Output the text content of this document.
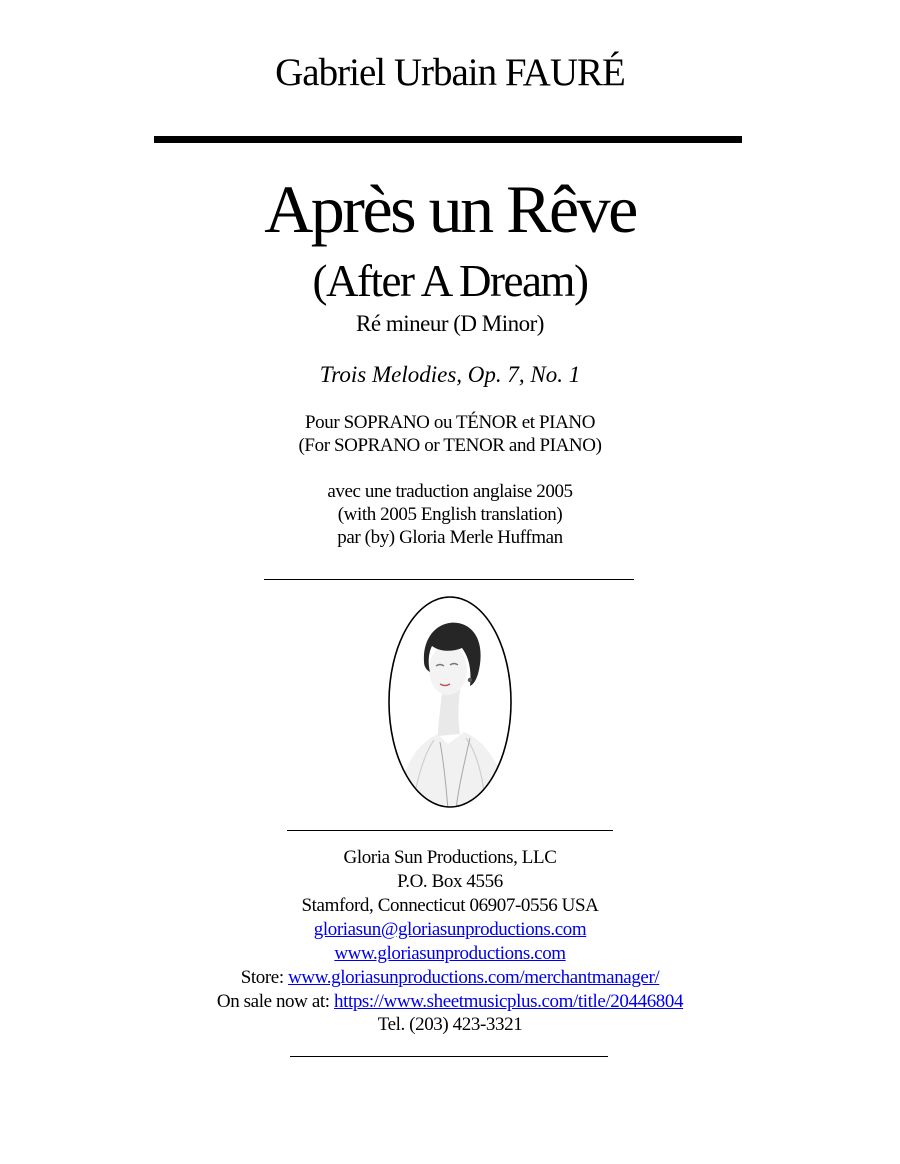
Gabriel Urbain FAURÉ
Après un Rêve
(After A Dream)
Ré mineur (D Minor)
Trois Melodies, Op. 7, No. 1
Pour SOPRANO ou TÉNOR et PIANO
(For SOPRANO or TENOR and PIANO)
avec une traduction anglaise 2005
(with 2005 English translation)
par (by) Gloria Merle Huffman
Gloria Sun Productions, LLC
P.O. Box 4556
Stamford, Connecticut 06907-0556 USA
gloriasun@gloriasunproductions.com
www.gloriasunproductions.com
Store: www.gloriasunproductions.com/merchantmanager/
On sale now at: https://www.sheetmusicplus.com/title/20446804
Tel. (203) 423-3321
